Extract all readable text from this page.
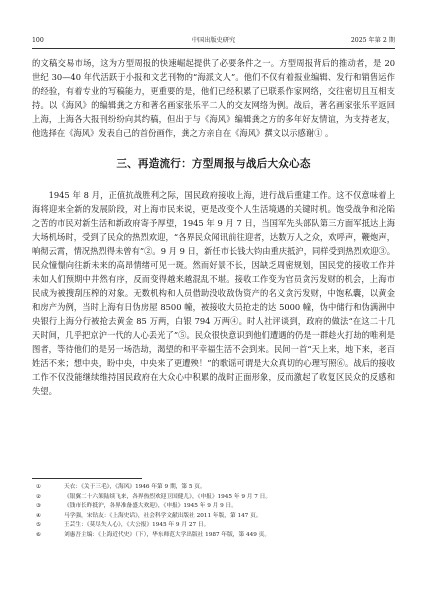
100	中国出版史研究	2025 年第 2 期

的文稿交易市场，这为方型周报的快速崛起提供了必要条件之一。方型周报背后的推动者，是 20 世纪 30—40 年代活跃于小报和文艺刊物的“海派文人”。他们不仅有着报业编辑、发行和销售运作的经验，有着专业的写稿能力，更重要的是，他们已经积累了已联系作家网络，交往密切且互相支持。以《海风》的编辑龚之方和著名画家张乐平二人的交友网络为例。战后，著名画家张乐平返回上海，上海各大报刊纷纷向其约稿，但出于与《海风》编辑龚之方的多年好友情谊，为支持老友，他选择在《海风》发表自己的首份画作，龚之方亲自在《海风》撰文以示感谢① 。

三、再造流行：方型周报与战后大众心态

1945 年 8 月，正值抗战胜利之际，国民政府接收上海，进行战后重建工作。这不仅意味着上海将迎来全新的发展阶段，对上海市民来说，更是改变个人生活境遇的关键时机。饱受战争和沦陷之苦的市民对新生活和新政府寄予厚望，1945 年 9 月 7 日，当国军先头部队第三方面军抵达上海大场机场时，受到了民众的热烈欢迎，“各界民众闻讯前往迎者，达数万人之众，欢呼声，鞭炮声，响彻云霄，情况热烈得未曾有”②。9 月 9 日，新任市长钱大钧由重庆抵沪，同样受到热烈欢迎③。民众憧憬向往新未来的高昂情绪可见一斑。然而好景不长，因缺乏周密规划，国民党的接收工作并未如人们预期中井然有序，反而变得越来越混乱不堪。接收工作变为官员贪污发财的机会，上海市民成为被搜刮压榨的对象。无数机构和人员借助没收敌伪资产的名义贪污发财，中饱私囊，以黄金和房产为例，当时上海有日伪房屋 8500 幢，被接收大员抢走的达 5000 幢，伪中储行和伪满洲中央银行上海分行被抢去黄金 85 万两，白银 794 万两④。时人社评谈到，政府的做法“在这二十几天时间，几乎把京沪一代的人心丢光了”⑤。民众很快意识到他们遭遇的仍是一群趁火打劫的唯利是图者，等待他们的是另一场浩劫，渴望的和平幸福生活不会到来。民间一首“天上来，地下来，老百姓活不来；想中央，盼中央，中央来了更遭殃！”的歌谣可谓是大众真切的心理写照⑥。战后的接收工作不仅没能继续维持国民政府在大众心中积累的战时正面形象，反而激起了收复区民众的反感和失望。

①	天衣：《关于三毛》，《海风》1946 年第 9 期，第 5 页。
②	《银翼二十六架陆续飞来，各界热烈欢迎卫国健儿》，《申报》1945 年 9 月 7 日。
③	《钱市长昨抵沪，各界准备盛大欢迎》，《申报》1945 年 9 月 9 日。
④	马学强，宋钻友：《上海史话》，社会科学文献出版社 2011 年版，第 147 页。
⑤	王芸生：《莫尽失人心》，《大公报》1945 年 9 月 27 日。
⑥	刘惠吾主编：《上海近代史》（下），华东师范大学出版社 1987 年版，第 449 页。
